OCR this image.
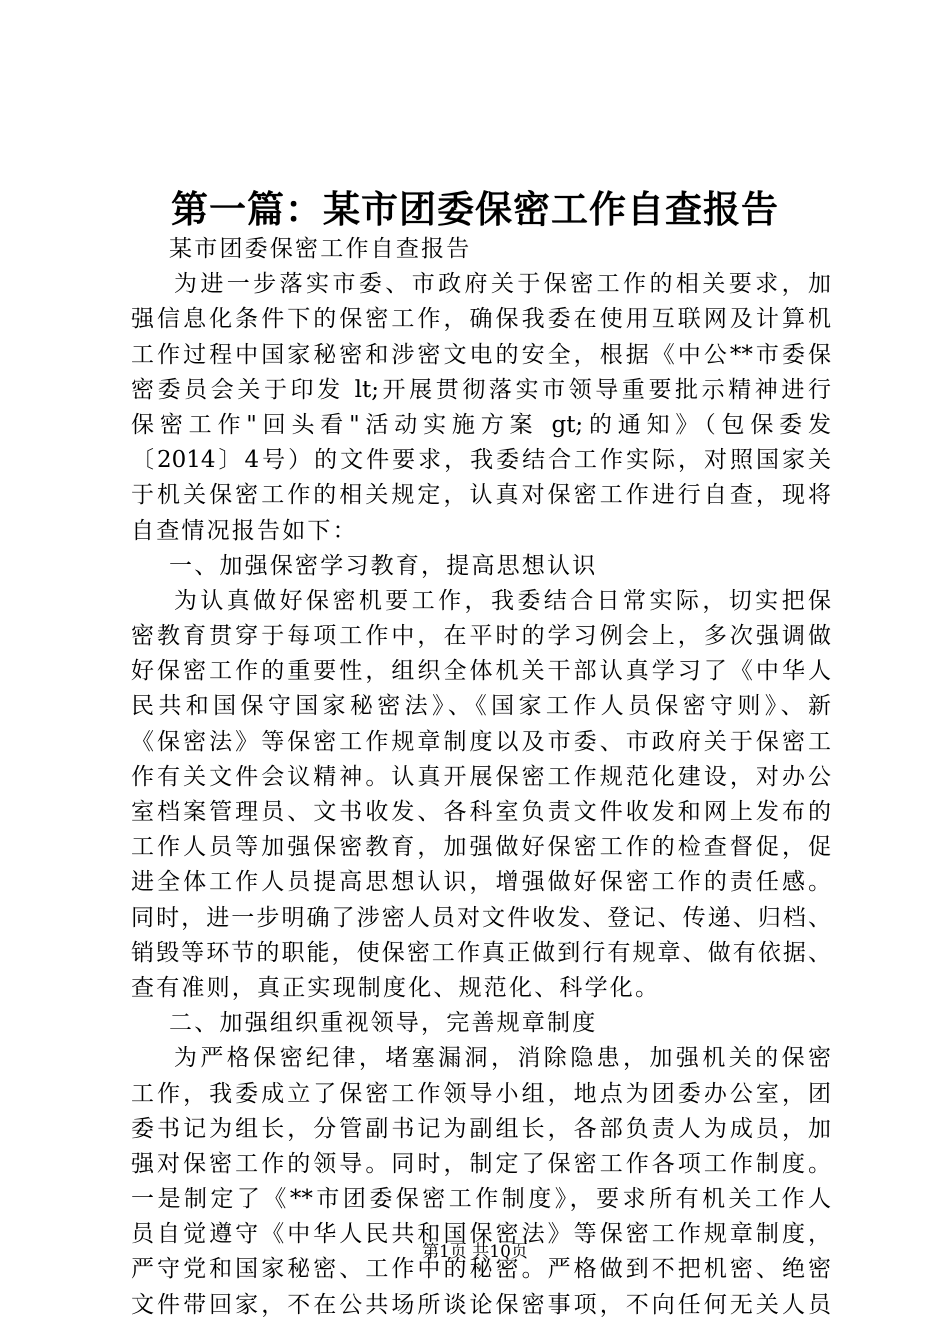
第一篇：某市团委保密工作自查报告
某市团委保密工作自查报告
为进一步落实市委、市政府关于保密工作的相关要求，加
强信息化条件下的保密工作，确保我委在使用互联网及计算机
工作过程中国家秘密和涉密文电的安全，根据《中公**市委保
密委员会关于印发 lt;开展贯彻落实市领导重要批示精神进行
保密工作"回头看"活动实施方案 gt;的通知》（包保委发
〔2014〕4号）的文件要求，我委结合工作实际，对照国家关
于机关保密工作的相关规定，认真对保密工作进行自查，现将
自查情况报告如下：
一、加强保密学习教育，提高思想认识
为认真做好保密机要工作，我委结合日常实际，切实把保
密教育贯穿于每项工作中，在平时的学习例会上，多次强调做
好保密工作的重要性，组织全体机关干部认真学习了《中华人
民共和国保守国家秘密法》、《国家工作人员保密守则》、新
《保密法》等保密工作规章制度以及市委、市政府关于保密工
作有关文件会议精神。认真开展保密工作规范化建设，对办公
室档案管理员、文书收发、各科室负责文件收发和网上发布的
工作人员等加强保密教育，加强做好保密工作的检查督促，促
进全体工作人员提高思想认识，增强做好保密工作的责任感。
同时，进一步明确了涉密人员对文件收发、登记、传递、归档、
销毁等环节的职能，使保密工作真正做到行有规章、做有依据、
查有准则，真正实现制度化、规范化、科学化。
二、加强组织重视领导，完善规章制度
为严格保密纪律，堵塞漏洞，消除隐患，加强机关的保密
工作，我委成立了保密工作领导小组，地点为团委办公室，团
委书记为组长，分管副书记为副组长，各部负责人为成员，加
强对保密工作的领导。同时，制定了保密工作各项工作制度。
一是制定了《**市团委保密工作制度》，要求所有机关工作人
员自觉遵守《中华人民共和国保密法》等保密工作规章制度，
严守党和国家秘密、工作中的秘密。严格做到不把机密、绝密
文件带回家，不在公共场所谈论保密事项，不向任何无关人员
第1页 共10页
